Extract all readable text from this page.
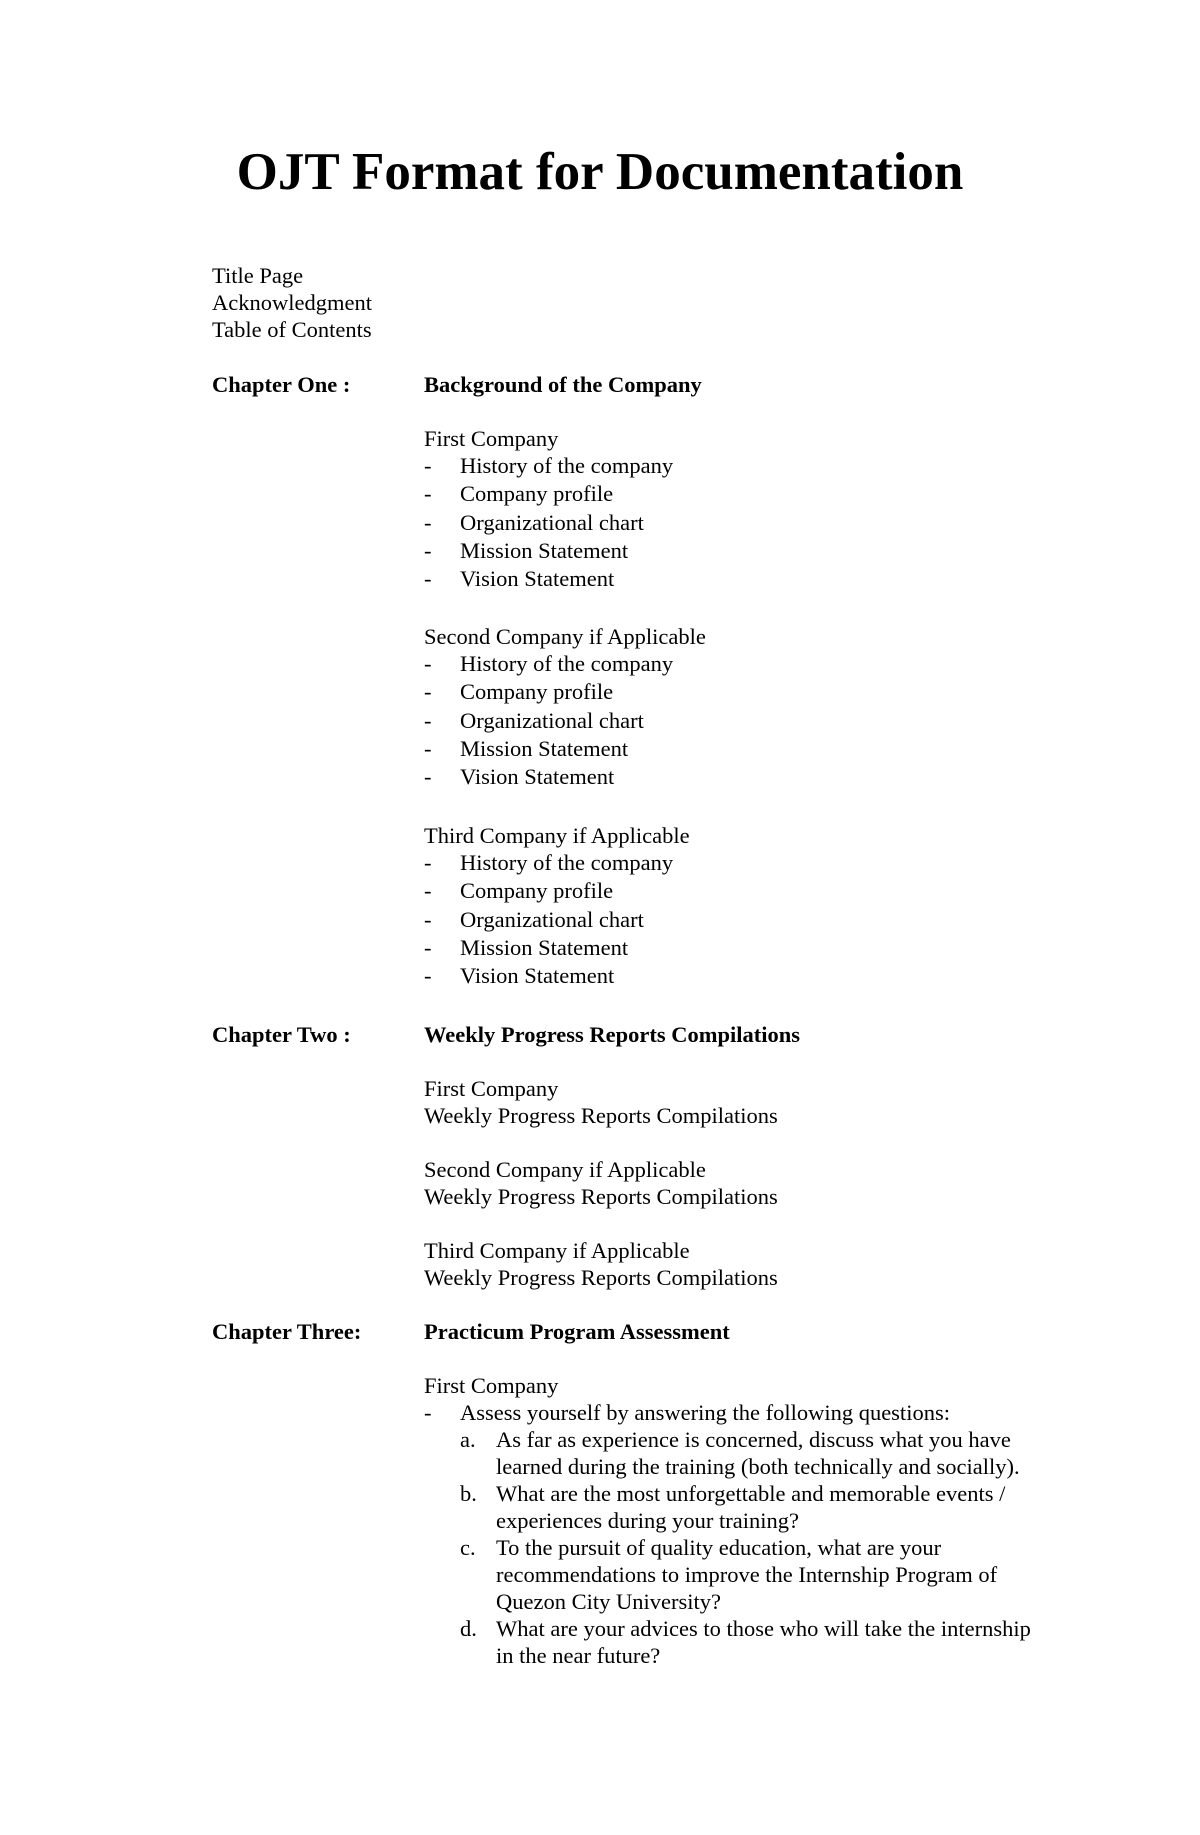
OJT Format for Documentation
Title Page
Acknowledgment
Table of Contents
Chapter One :	Background of the Company
First Company
- History of the company
- Company profile
- Organizational chart
- Mission Statement
- Vision Statement
Second Company if Applicable
- History of the company
- Company profile
- Organizational chart
- Mission Statement
- Vision Statement
Third Company if Applicable
- History of the company
- Company profile
- Organizational chart
- Mission Statement
- Vision Statement
Chapter Two :	Weekly Progress Reports Compilations
First Company
Weekly Progress Reports Compilations
Second Company if Applicable
Weekly Progress Reports Compilations
Third Company if Applicable
Weekly Progress Reports Compilations
Chapter Three:	Practicum Program Assessment
First Company
- Assess yourself by answering the following questions:
a. As far as experience is concerned, discuss what you have
learned during the training (both technically and socially).
b. What are the most unforgettable and memorable events /
experiences during your training?
c. To the pursuit of quality education, what are your
recommendations to improve the Internship Program of
Quezon City University?
d. What are your advices to those who will take the internship
in the near future?
